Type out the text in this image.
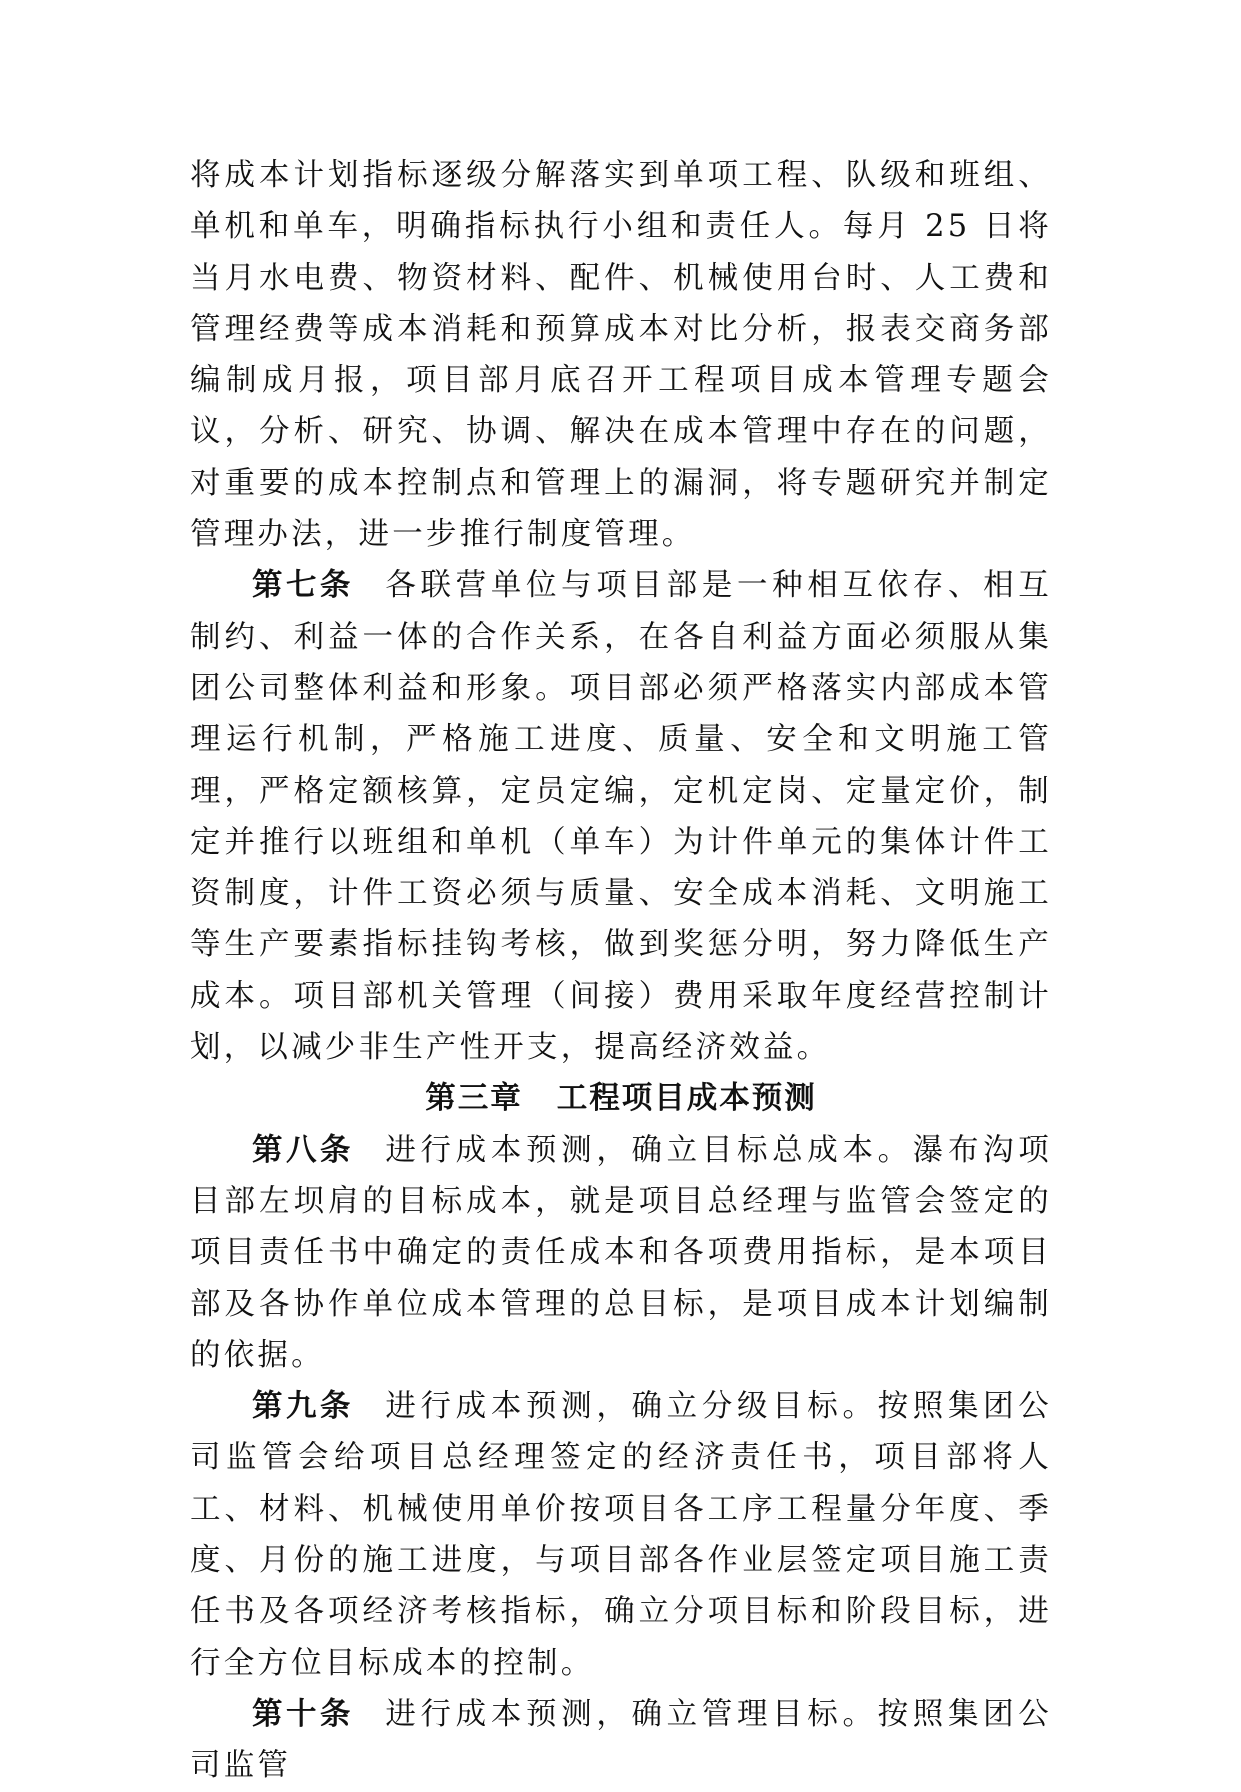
将成本计划指标逐级分解落实到单项工程、队级和班组、单机和单车，明确指标执行小组和责任人。每月 25 日将当月水电费、物资材料、配件、机械使用台时、人工费和管理经费等成本消耗和预算成本对比分析，报表交商务部编制成月报，项目部月底召开工程项目成本管理专题会议，分析、研究、协调、解决在成本管理中存在的问题，对重要的成本控制点和管理上的漏洞，将专题研究并制定管理办法，进一步推行制度管理。

第七条 各联营单位与项目部是一种相互依存、相互制约、利益一体的合作关系，在各自利益方面必须服从集团公司整体利益和形象。项目部必须严格落实内部成本管理运行机制，严格施工进度、质量、安全和文明施工管理，严格定额核算，定员定编，定机定岗、定量定价，制定并推行以班组和单机（单车）为计件单元的集体计件工资制度，计件工资必须与质量、安全成本消耗、文明施工等生产要素指标挂钩考核，做到奖惩分明，努力降低生产成本。项目部机关管理（间接）费用采取年度经营控制计划，以减少非生产性开支，提高经济效益。

第三章 工程项目成本预测

第八条 进行成本预测，确立目标总成本。瀑布沟项目部左坝肩的目标成本，就是项目总经理与监管会签定的项目责任书中确定的责任成本和各项费用指标，是本项目部及各协作单位成本管理的总目标，是项目成本计划编制的依据。

第九条 进行成本预测，确立分级目标。按照集团公司监管会给项目总经理签定的经济责任书，项目部将人工、材料、机械使用单价按项目各工序工程量分年度、季度、月份的施工进度，与项目部各作业层签定项目施工责任书及各项经济考核指标，确立分项目标和阶段目标，进行全方位目标成本的控制。

第十条 进行成本预测，确立管理目标。按照集团公司监管
